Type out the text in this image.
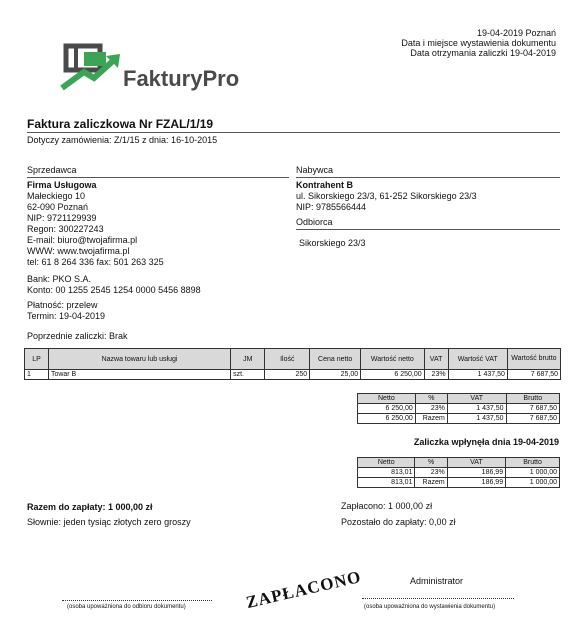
FakturyPro
19-04-2019 Poznań
Data i miejsce wystawienia dokumentu
Data otrzymania zaliczki 19-04-2019
Faktura zaliczkowa Nr FZAL/1/19
Dotyczy zamówienia: Z/1/15 z dnia: 16-10-2015
Sprzedawca
Firma Usługowa
Małeckiego 10
62-090 Poznań
NIP: 9721129939
Regon: 300227243
E-mail: biuro@twojafirma.pl
WWW: www.twojafirma.pl
tel: 61 8 264 336 fax: 501 263 325
Bank: PKO S.A.
Konto: 00 1255 2545 1254 0000 5456 8898
Płatność: przelew
Termin: 19-04-2019
Poprzednie zaliczki: Brak
Nabywca
Kontrahent B
ul. Sikorskiego 23/3, 61-252 Sikorskiego 23/3
NIP: 9785566444
Odbiorca
Sikorskiego 23/3
LP	Nazwa towaru lub usługi	JM	Ilość	Cena netto	Wartość netto	VAT	Wartość VAT	Wartość brutto
1	Towar B	szt.	250	25,00	6 250,00	23%	1 437,50	7 687,50
Netto	%	VAT	Brutto
6 250,00	23%	1 437,50	7 687,50
6 250,00	Razem	1 437,50	7 687,50
Zaliczka wpłynęła dnia 19-04-2019
Netto	%	VAT	Brutto
813,01	23%	186,99	1 000,00
813,01	Razem	186,99	1 000,00
Razem do zapłaty: 1 000,00 zł
Słownie: jeden tysiąc złotych zero groszy
Zapłacono: 1 000,00 zł
Pozostało do zapłaty: 0,00 zł
ZAPŁACONO	Administrator
(osoba upoważniona do odbioru dokumentu)	(osoba upoważniona do wystawienia dokumentu)
